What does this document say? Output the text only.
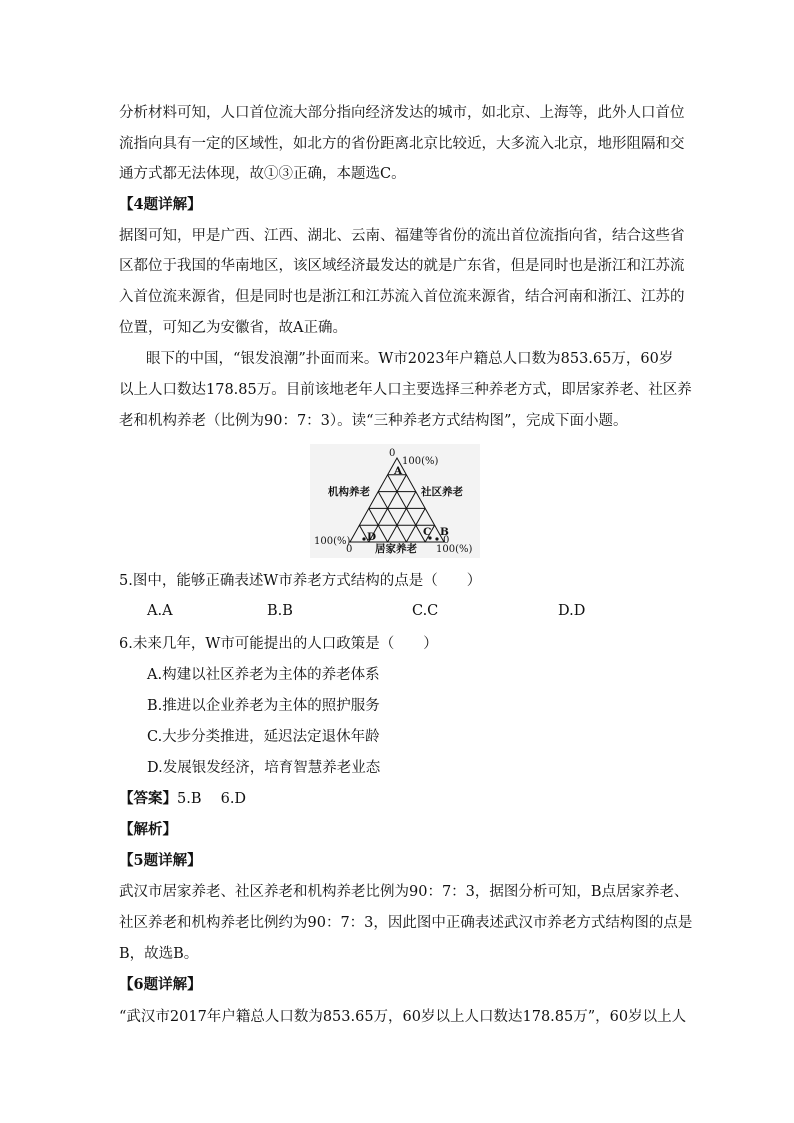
分析材料可知，人口首位流大部分指向经济发达的城市，如北京、上海等，此外人口首位
流指向具有一定的区域性，如北方的省份距离北京比较近，大多流入北京，地形阻隔和交
通方式都无法体现，故①③正确，本题选C。
【4题详解】
据图可知，甲是广西、江西、湖北、云南、福建等省份的流出首位流指向省，结合这些省
区都位于我国的华南地区，该区域经济最发达的就是广东省，但是同时也是浙江和江苏流
入首位流来源省，但是同时也是浙江和江苏流入首位流来源省，结合河南和浙江、江苏的
位置，可知乙为安徽省，故A正确。
眼下的中国，“银发浪潮”扑面而来。W市2023年户籍总人口数为853.65万，60岁
以上人口数达178.85万。目前该地老年人口主要选择三种养老方式，即居家养老、社区养
老和机构养老（比例为90：7：3）。读“三种养老方式结构图”，完成下面小题。
0
100(%)
A
机构养老	社区养老
D	C B
0
100(%)
0 居家养老 100(%)
5.图中，能够正确表述W市养老方式结构的点是（　　）
A.A	B.B	C.C	D.D
6.未来几年，W市可能提出的人口政策是（　　）
A.构建以社区养老为主体的养老体系
B.推进以企业养老为主体的照护服务
C.大步分类推进，延迟法定退休年龄
D.发展银发经济，培育智慧养老业态
【答案】5.B　 6.D
【解析】
【5题详解】
武汉市居家养老、社区养老和机构养老比例为90：7：3，据图分析可知，B点居家养老、
社区养老和机构养老比例约为90：7：3，因此图中正确表述武汉市养老方式结构图的点是
B，故选B。
【6题详解】
“武汉市2017年户籍总人口数为853.65万，60岁以上人口数达178.85万”，60岁以上人
